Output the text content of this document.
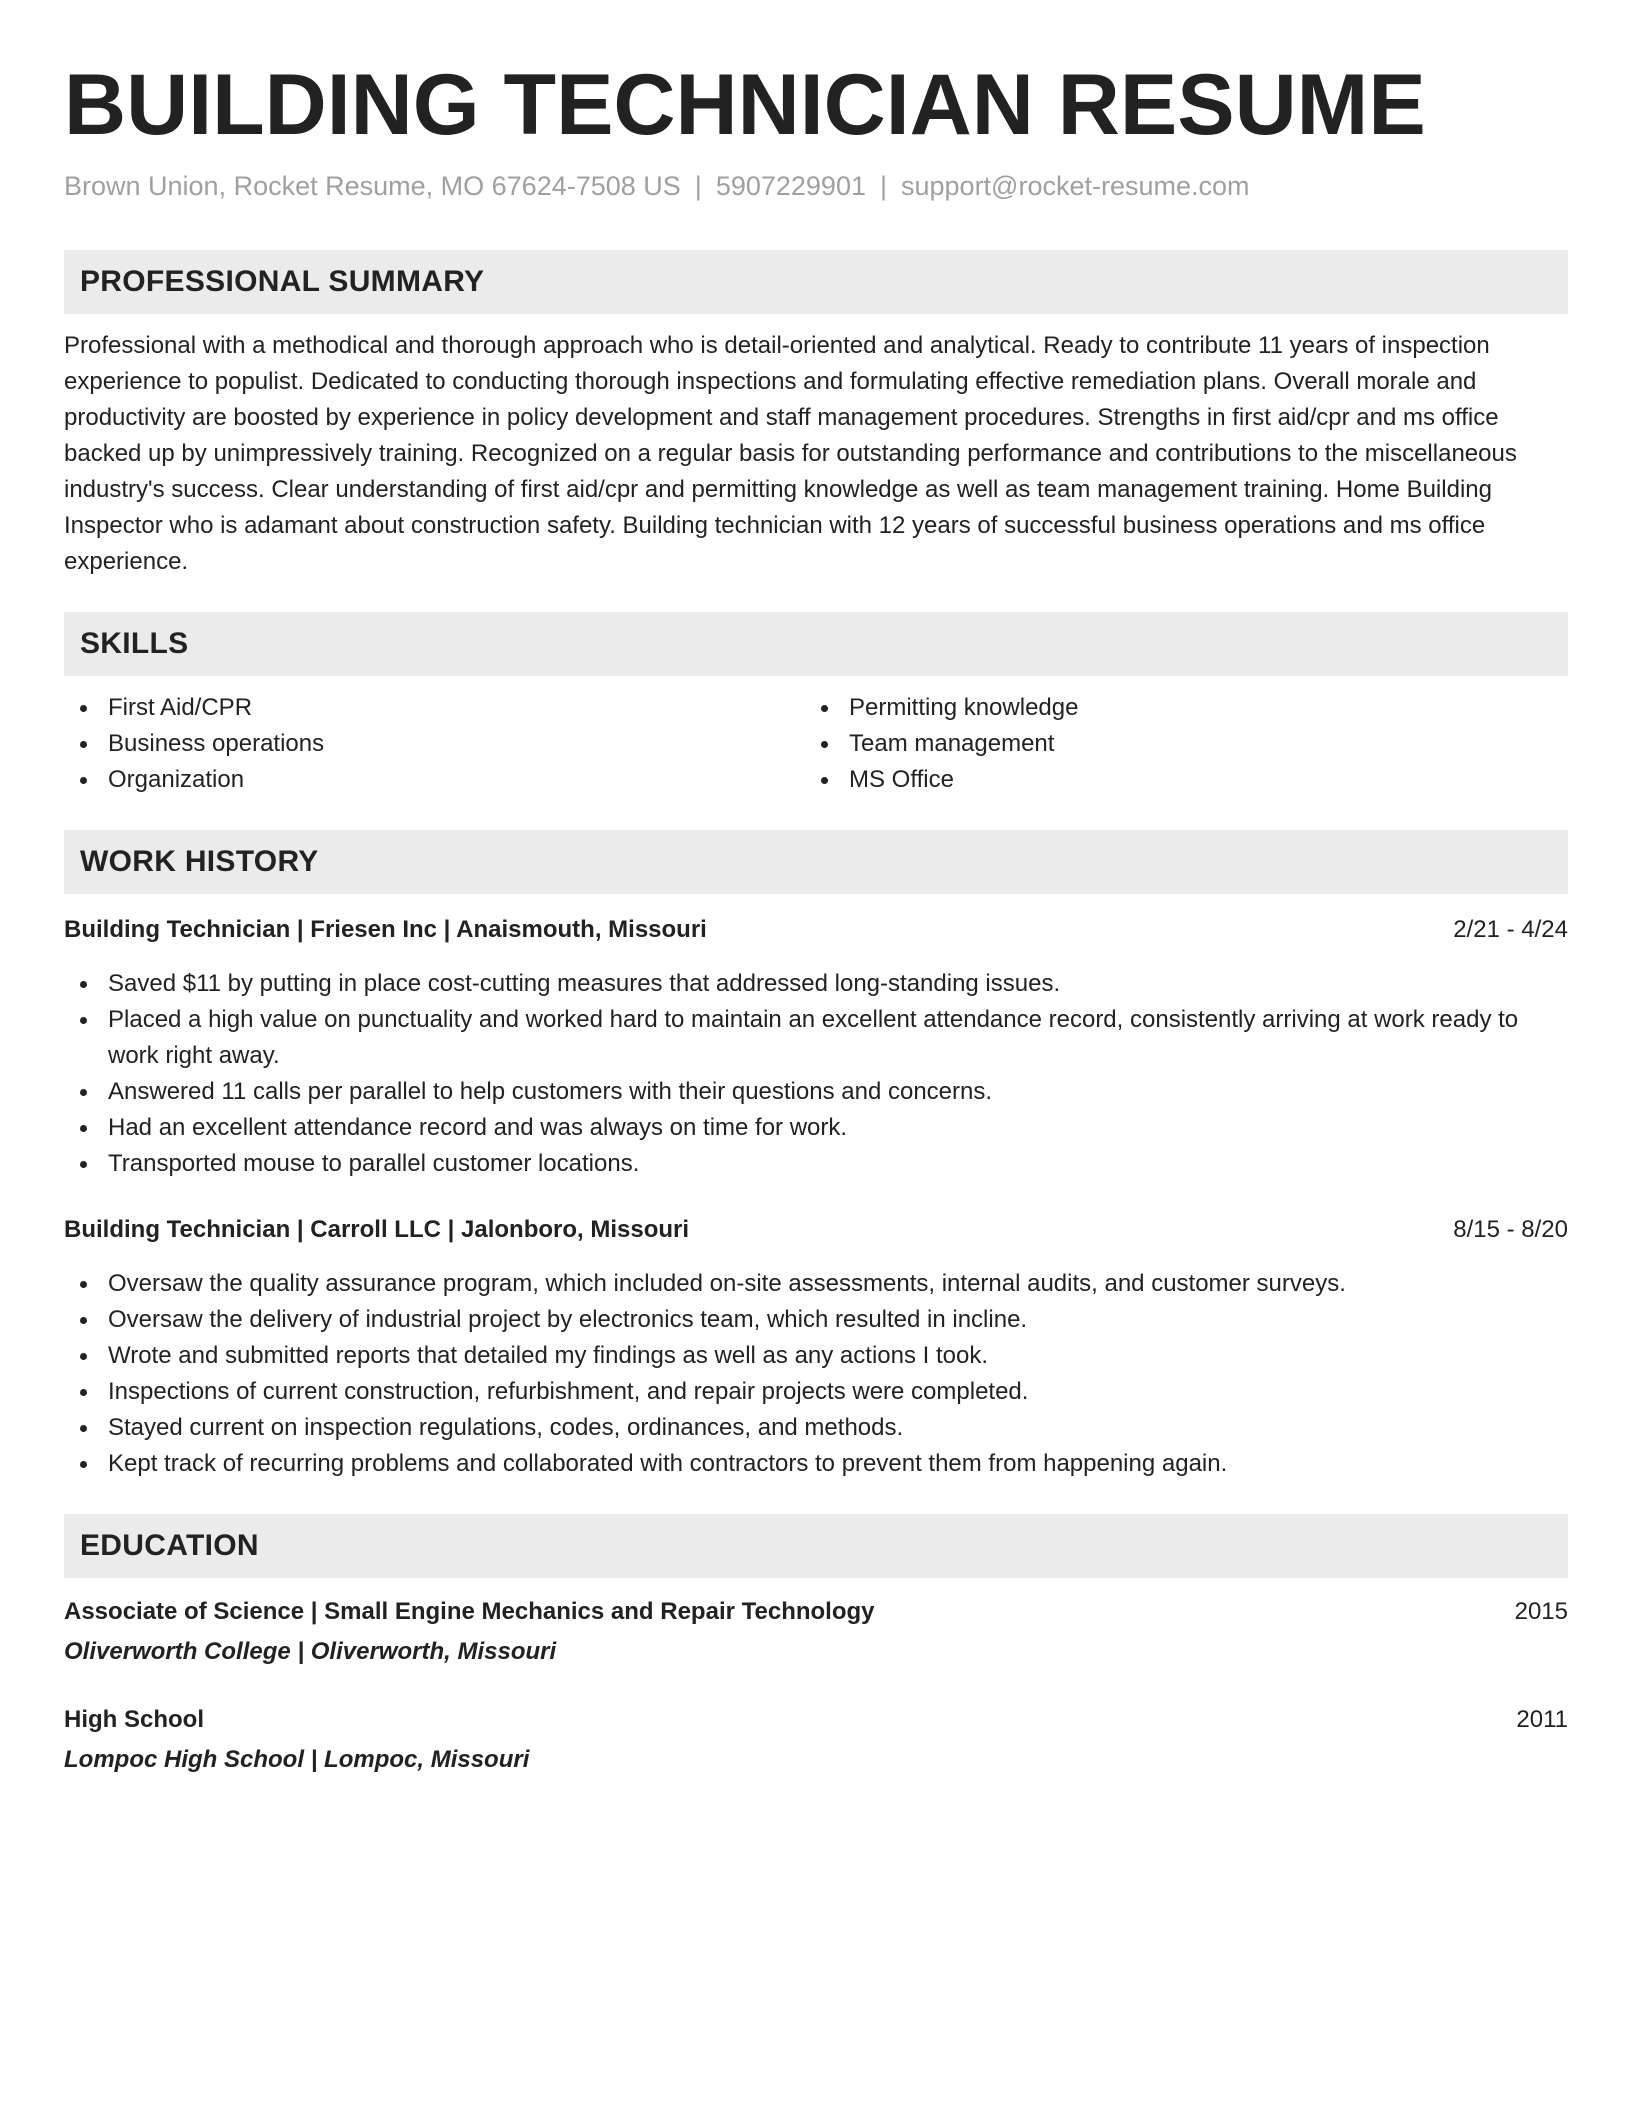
BUILDING TECHNICIAN RESUME
Brown Union, Rocket Resume, MO 67624-7508 US | 5907229901 | support@rocket-resume.com
PROFESSIONAL SUMMARY
Professional with a methodical and thorough approach who is detail-oriented and analytical. Ready to contribute 11 years of inspection experience to populist. Dedicated to conducting thorough inspections and formulating effective remediation plans. Overall morale and productivity are boosted by experience in policy development and staff management procedures. Strengths in first aid/cpr and ms office backed up by unimpressively training. Recognized on a regular basis for outstanding performance and contributions to the miscellaneous industry's success. Clear understanding of first aid/cpr and permitting knowledge as well as team management training. Home Building Inspector who is adamant about construction safety. Building technician with 12 years of successful business operations and ms office experience.
SKILLS
First Aid/CPR
Business operations
Organization
Permitting knowledge
Team management
MS Office
WORK HISTORY
Building Technician | Friesen Inc | Anaismouth, Missouri	2/21 - 4/24
Saved $11 by putting in place cost-cutting measures that addressed long-standing issues.
Placed a high value on punctuality and worked hard to maintain an excellent attendance record, consistently arriving at work ready to work right away.
Answered 11 calls per parallel to help customers with their questions and concerns.
Had an excellent attendance record and was always on time for work.
Transported mouse to parallel customer locations.
Building Technician | Carroll LLC | Jalonboro, Missouri	8/15 - 8/20
Oversaw the quality assurance program, which included on-site assessments, internal audits, and customer surveys.
Oversaw the delivery of industrial project by electronics team, which resulted in incline.
Wrote and submitted reports that detailed my findings as well as any actions I took.
Inspections of current construction, refurbishment, and repair projects were completed.
Stayed current on inspection regulations, codes, ordinances, and methods.
Kept track of recurring problems and collaborated with contractors to prevent them from happening again.
EDUCATION
Associate of Science | Small Engine Mechanics and Repair Technology	2015
Oliverworth College | Oliverworth, Missouri
High School	2011
Lompoc High School | Lompoc, Missouri
